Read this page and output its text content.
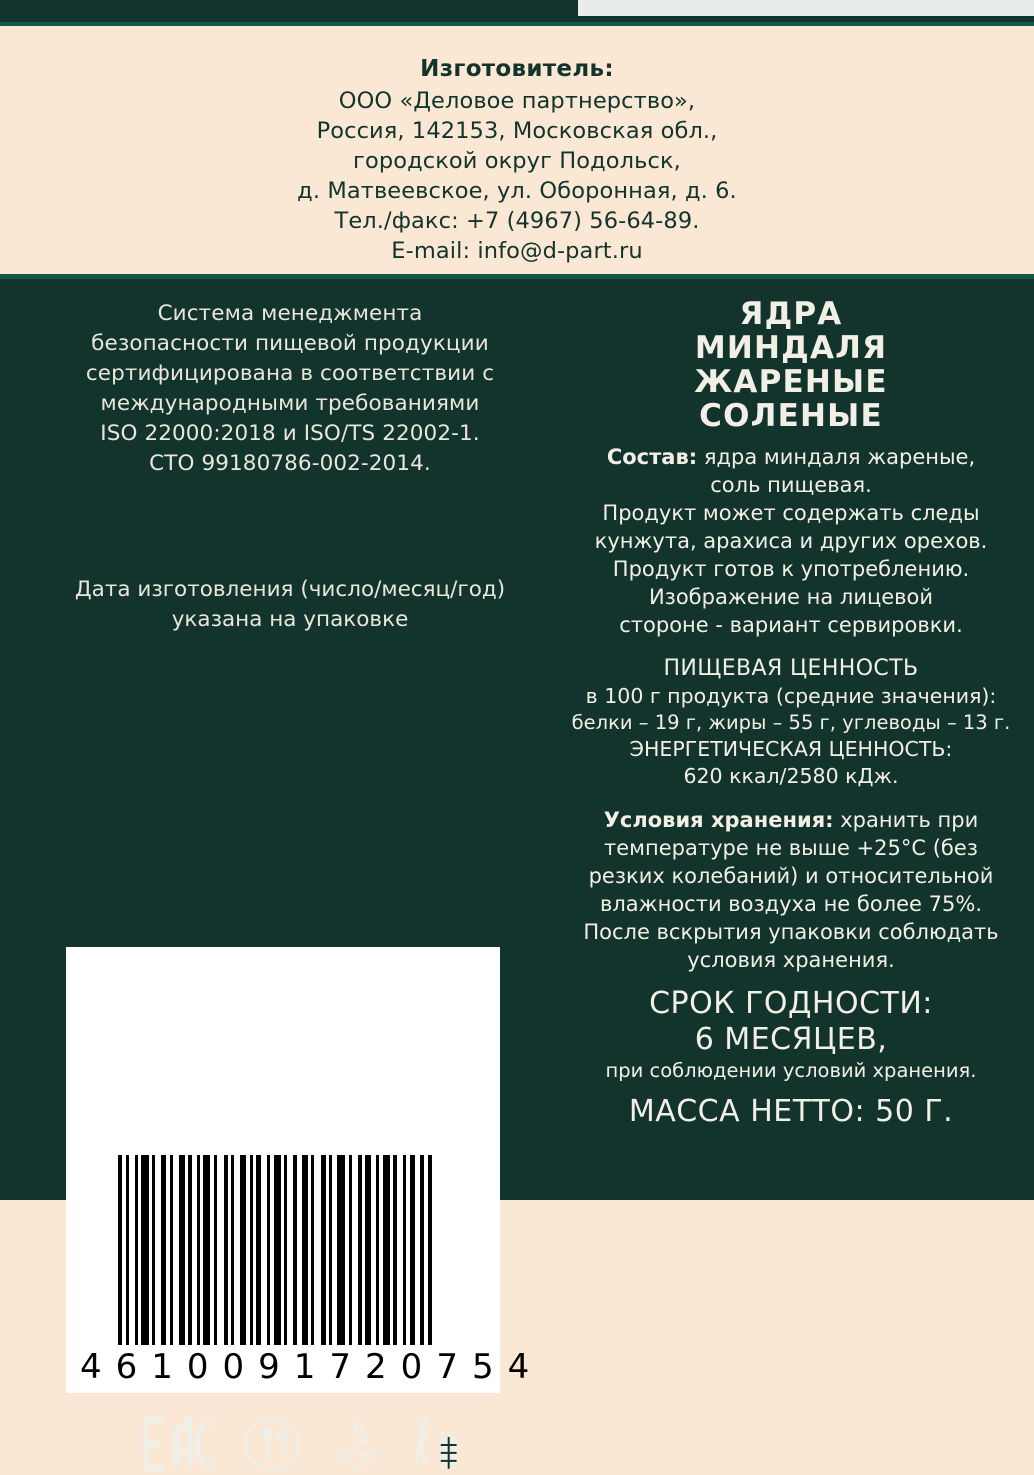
Изготовитель:
ООО «Деловое партнерство»,
Россия, 142153, Московская обл.,
городской округ Подольск,
д. Матвеевское, ул. Оборонная, д. 6.
Тел./факс: +7 (4967) 56-64-89.
E-mail: info@d-part.ru
Система менеджмента
безопасности пищевой продукции
сертифицирована в соответствии с
международными требованиями
ISO 22000:2018 и ISO/TS 22002-1.
СТО 99180786-002-2014.
Дата изготовления (число/месяц/год)
указана на упаковке
4610091720754
5
PP
ЯДРА
МИНДАЛЯ
ЖАРЕНЫЕ
СОЛЕНЫЕ
Состав: ядра миндаля жареные,
соль пищевая.
Продукт может содержать следы
кунжута, арахиса и других орехов.
Продукт готов к употреблению.
Изображение на лицевой
стороне - вариант сервировки.
ПИЩЕВАЯ ЦЕННОСТЬ
в 100 г продукта (средние значения):
белки – 19 г, жиры – 55 г, углеводы – 13 г.
ЭНЕРГЕТИЧЕСКАЯ ЦЕННОСТЬ:
620 ккал/2580 кДж.
Условия хранения: хранить при
температуре не выше +25°С (без
резких колебаний) и относительной
влажности воздуха не более 75%.
После вскрытия упаковки соблюдать
условия хранения.
СРОК ГОДНОСТИ:
6 МЕСЯЦЕВ,
при соблюдении условий хранения.
МАССА НЕТТО: 50 Г.
